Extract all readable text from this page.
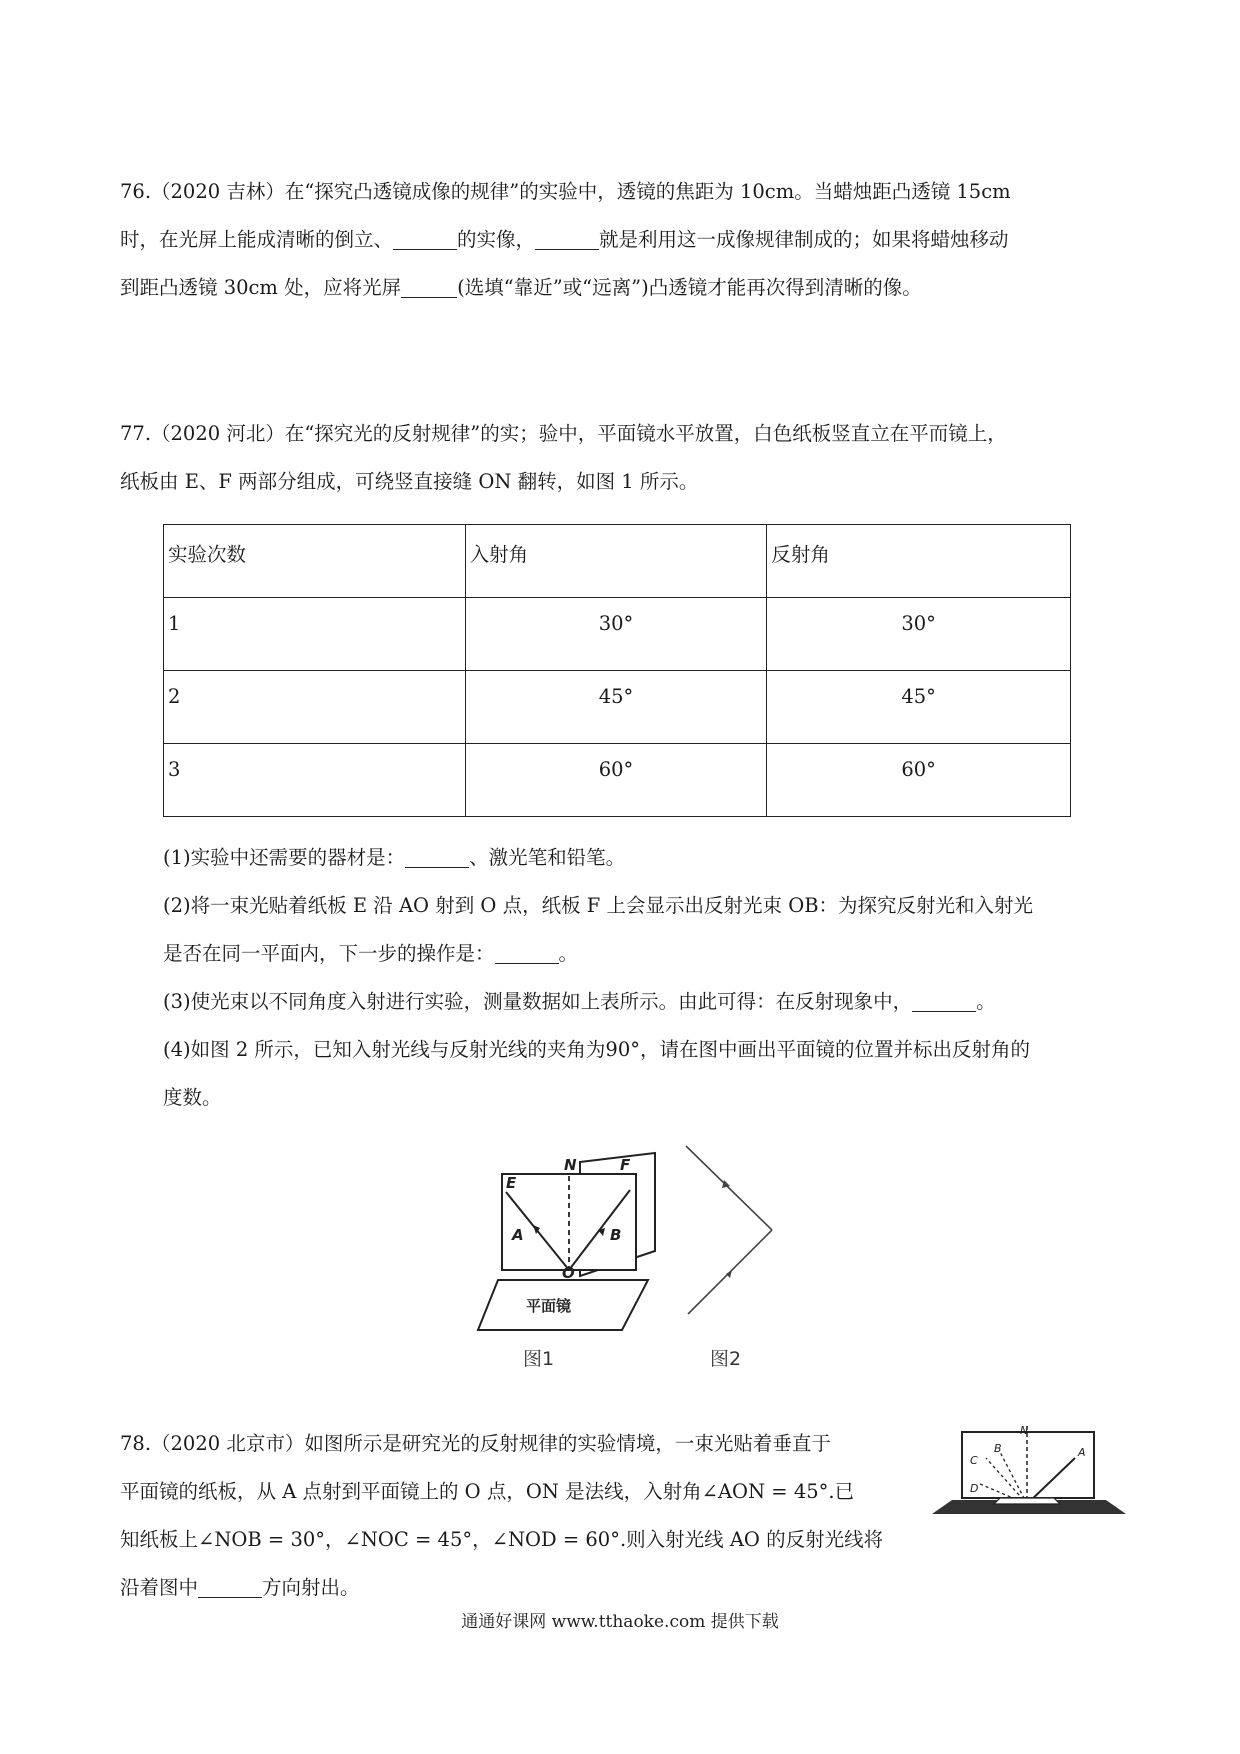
76.（2020 吉林）在“探究凸透镜成像的规律”的实验中，透镜的焦距为 10cm。当蜡烛距凸透镜 15cm
时，在光屏上能成清晰的倒立、	的实像，	就是利用这一成像规律制成的；如果将蜡烛移动
到距凸透镜 30cm 处，应将光屏	(选填“靠近”或“远离”)凸透镜才能再次得到清晰的像。
77.（2020 河北）在“探究光的反射规律”的实；验中，平面镜水平放置，白色纸板竖直立在平而镜上，
纸板由 E、F 两部分组成，可绕竖直接缝 ON 翻转，如图 1 所示。
实验次数	入射角	反射角
1	30°	30°
2	45°	45°
3	60°	60°
(1)实验中还需要的器材是：	、激光笔和铅笔。
(2)将一束光贴着纸板 E 沿 AO 射到 O 点，纸板 F 上会显示出反射光束 OB：为探究反射光和入射光
是否在同一平面内，下一步的操作是：	。
(3)使光束以不同角度入射进行实验，测量数据如上表所示。由此可得：在反射现象中，	。
(4)如图 2 所示，已知入射光线与反射光线的夹角为90°，请在图中画出平面镜的位置并标出反射角的
度数。
E
N	F
A	B
O
平面镜
图1	图2
78.（2020 北京市）如图所示是研究光的反射规律的实验情境，一束光贴着垂直于
平面镜的纸板，从 A 点射到平面镜上的 O 点，ON 是法线，入射角∠AON = 45°.已
知纸板上∠NOB = 30°，∠NOC = 45°，∠NOD = 60°.则入射光线 AO 的反射光线将
沿着图中	方向射出。
N
C
B	A
D
通通好课网 www.tthaoke.com 提供下载
